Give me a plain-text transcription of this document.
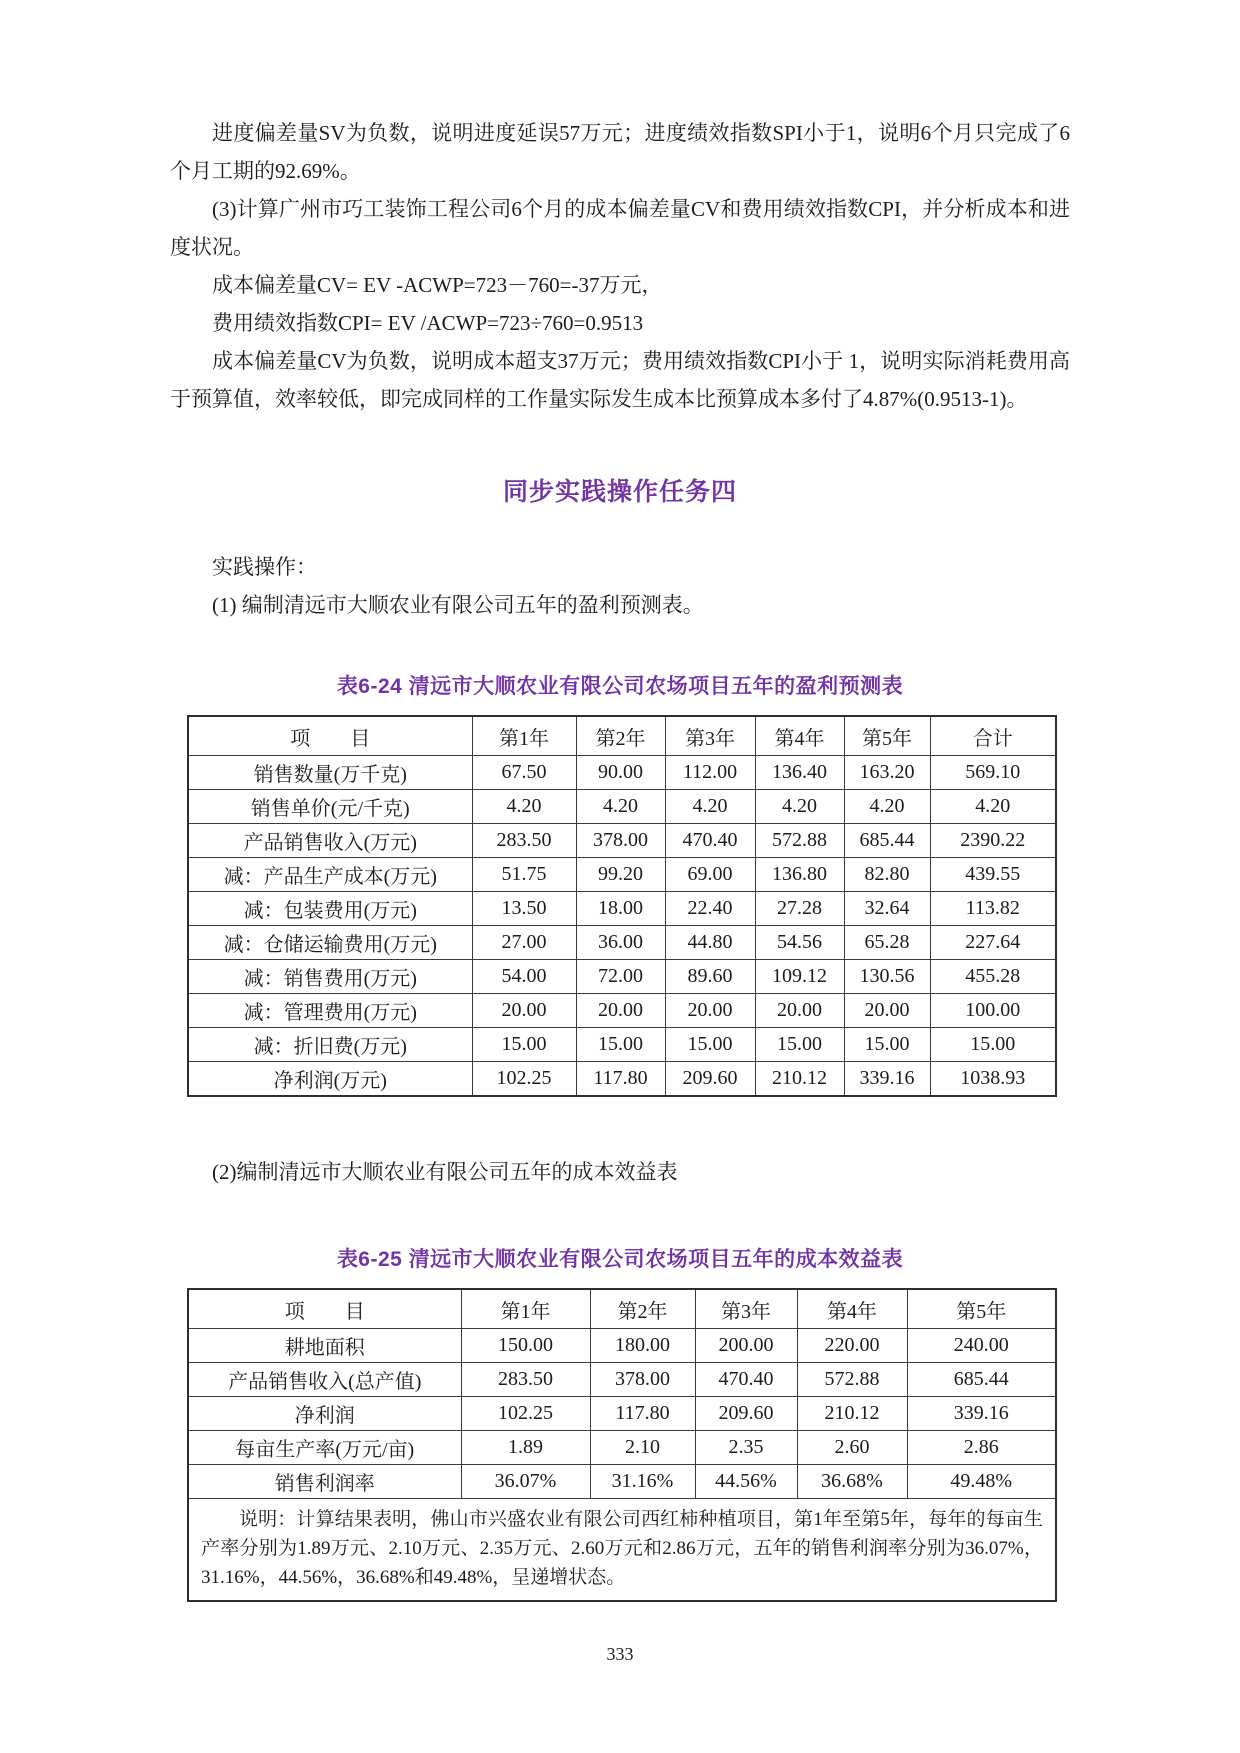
进度偏差量SV为负数，说明进度延误57万元；进度绩效指数SPI小于1，说明6个月只完成了6个月工期的92.69%。

(3)计算广州市巧工装饰工程公司6个月的成本偏差量CV和费用绩效指数CPI，并分析成本和进度状况。

成本偏差量CV= EV -ACWP=723－760=-37万元，

费用绩效指数CPI= EV /ACWP=723÷760=0.9513

成本偏差量CV为负数，说明成本超支37万元；费用绩效指数CPI小于 1，说明实际消耗费用高于预算值，效率较低，即完成同样的工作量实际发生成本比预算成本多付了4.87%(0.9513-1)。

同步实践操作任务四

实践操作：

(1) 编制清远市大顺农业有限公司五年的盈利预测表。

表6-24 清远市大顺农业有限公司农场项目五年的盈利预测表
项　　目	第1年	第2年	第3年	第4年	第5年	合计
销售数量(万千克)	67.50	90.00	112.00	136.40	163.20	569.10
销售单价(元/千克)	4.20	4.20	4.20	4.20	4.20	4.20
产品销售收入(万元)	283.50	378.00	470.40	572.88	685.44	2390.22
减：产品生产成本(万元)	51.75	99.20	69.00	136.80	82.80	439.55
减：包装费用(万元)	13.50	18.00	22.40	27.28	32.64	113.82
减：仓储运输费用(万元)	27.00	36.00	44.80	54.56	65.28	227.64
减：销售费用(万元)	54.00	72.00	89.60	109.12	130.56	455.28
减：管理费用(万元)	20.00	20.00	20.00	20.00	20.00	100.00
减：折旧费(万元)	15.00	15.00	15.00	15.00	15.00	15.00
净利润(万元)	102.25	117.80	209.60	210.12	339.16	1038.93

(2)编制清远市大顺农业有限公司五年的成本效益表

表6-25 清远市大顺农业有限公司农场项目五年的成本效益表
项　　目	第1年	第2年	第3年	第4年	第5年
耕地面积	150.00	180.00	200.00	220.00	240.00
产品销售收入(总产值)	283.50	378.00	470.40	572.88	685.44
净利润	102.25	117.80	209.60	210.12	339.16
每亩生产率(万元/亩)	1.89	2.10	2.35	2.60	2.86
销售利润率	36.07%	31.16%	44.56%	36.68%	49.48%
说明：计算结果表明，佛山市兴盛农业有限公司西红柿种植项目，第1年至第5年，每年的每亩生产率分别为1.89万元、2.10万元、2.35万元、2.60万元和2.86万元，五年的销售利润率分别为36.07%，31.16%，44.56%，36.68%和49.48%，呈递增状态。					
333
